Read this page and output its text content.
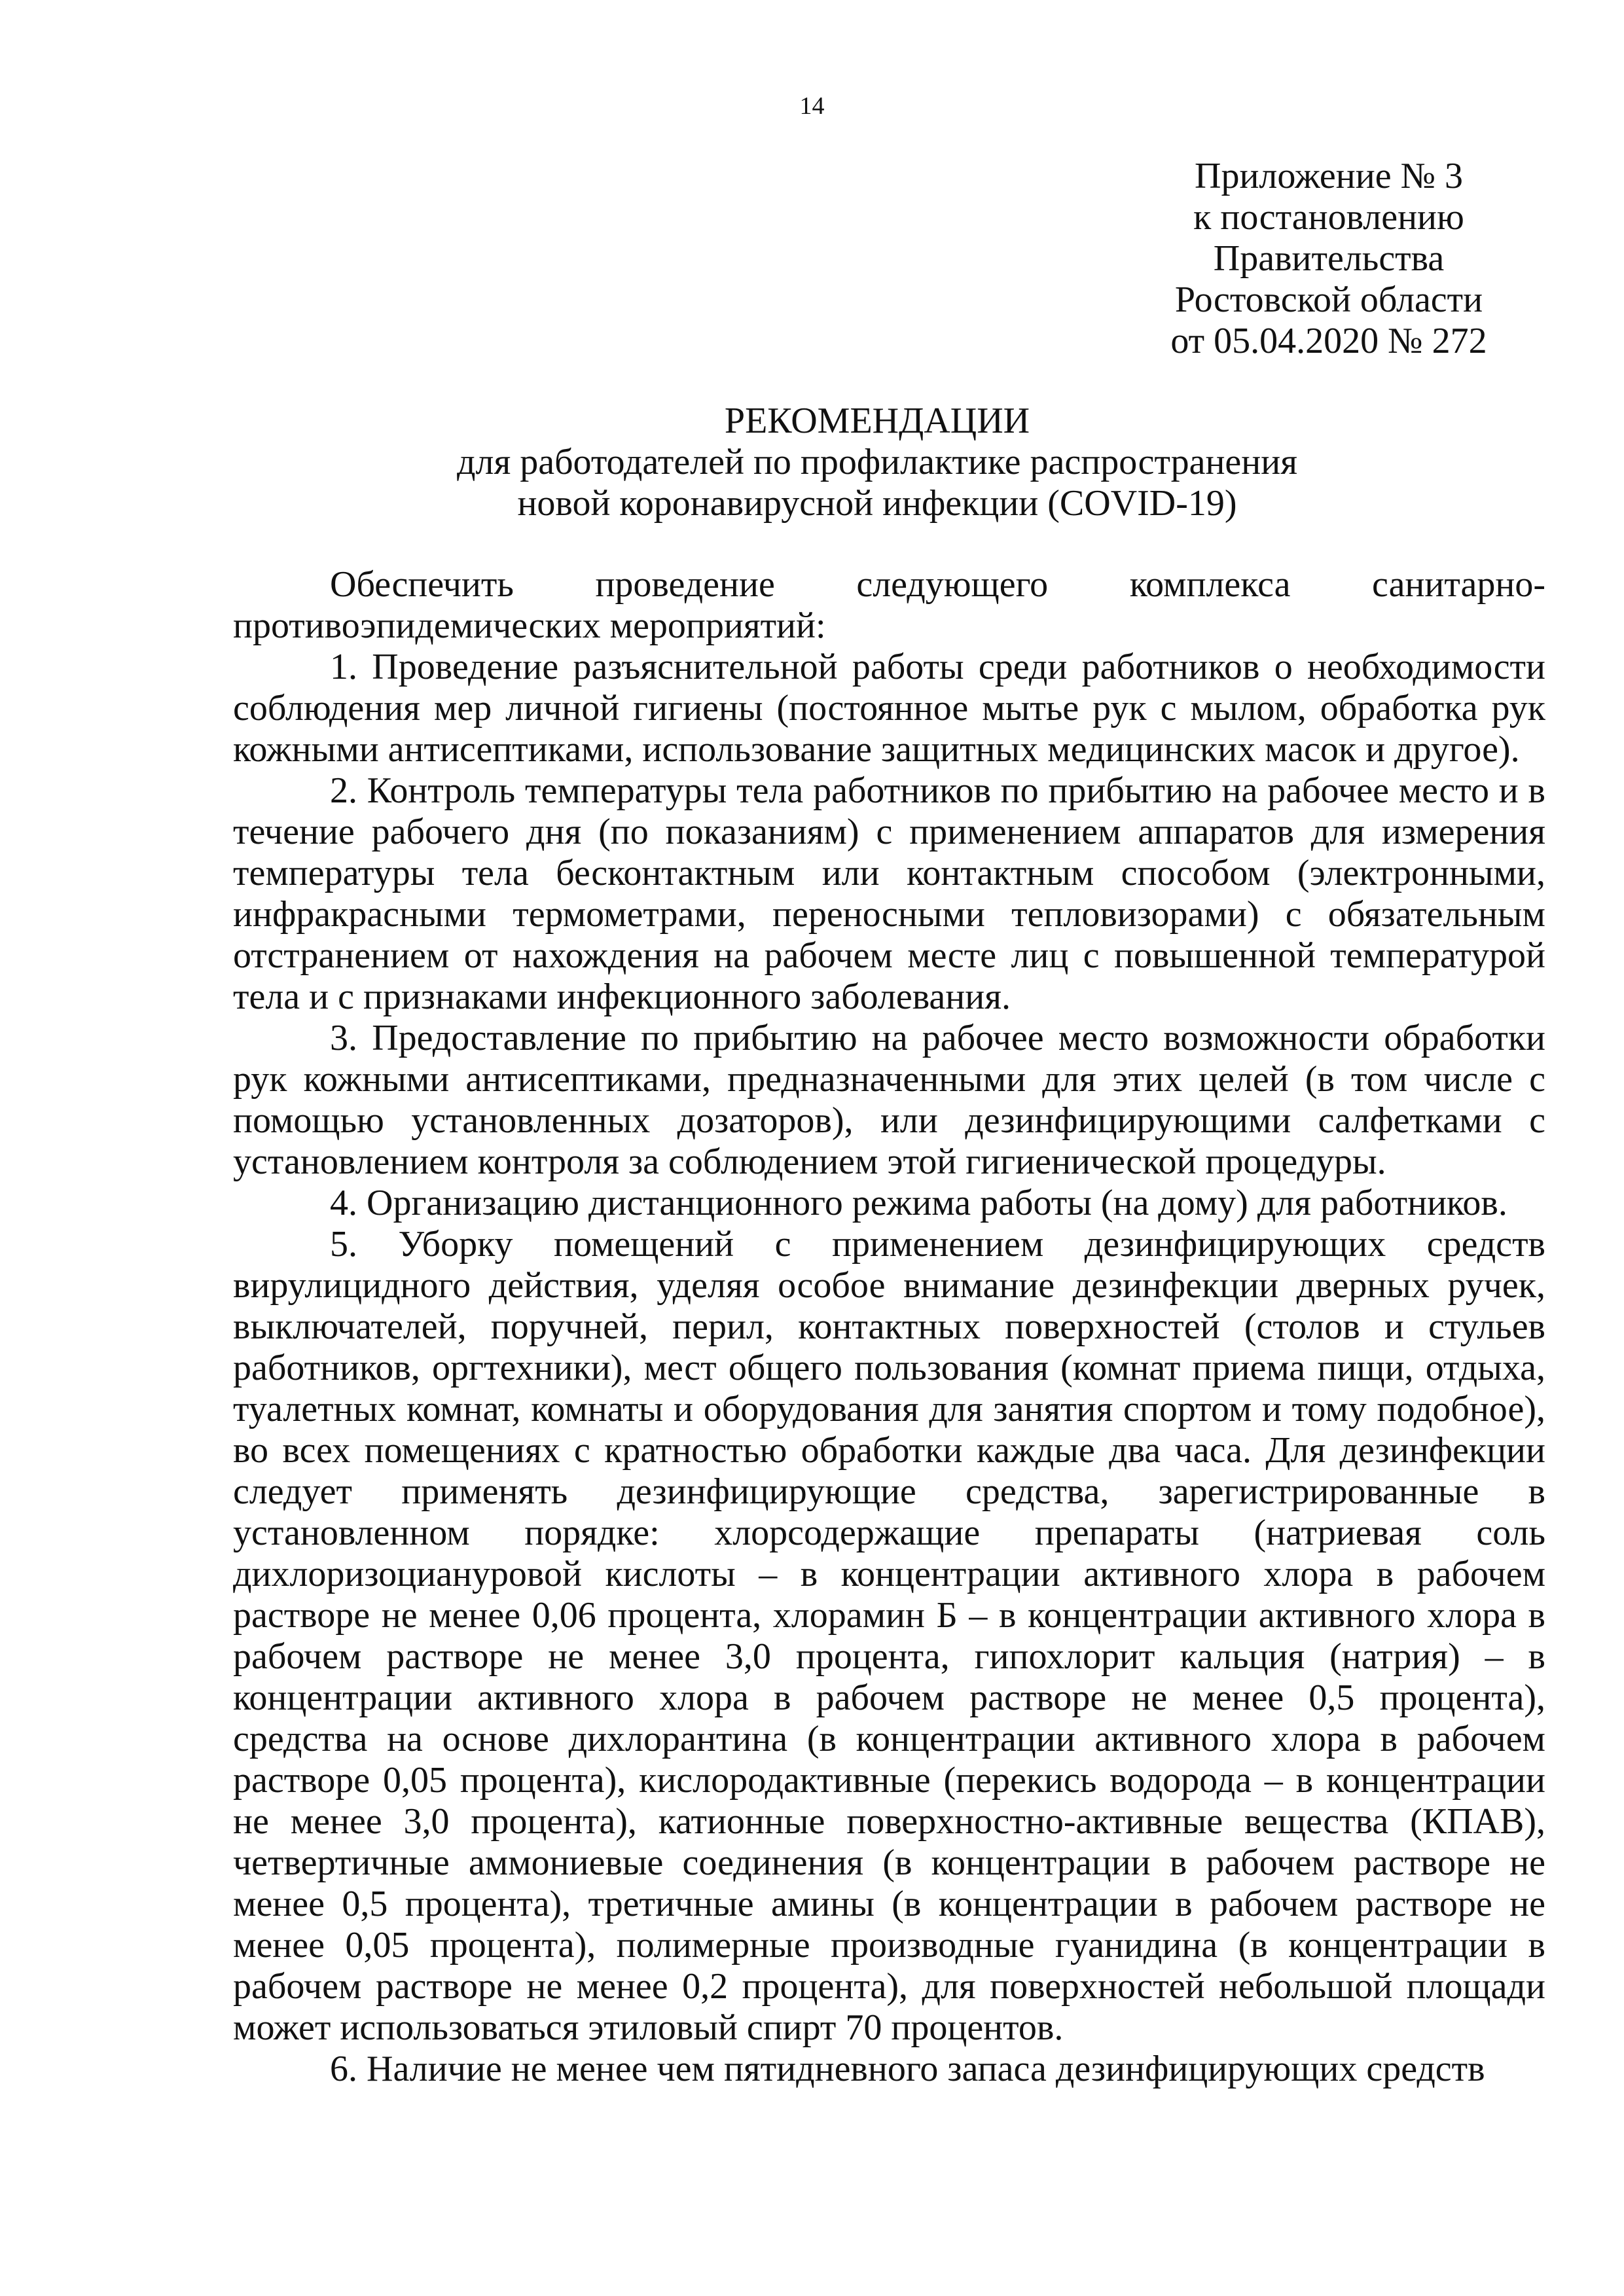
14
Приложение № 3
к постановлению
Правительства
Ростовской области
от 05.04.2020 № 272
РЕКОМЕНДАЦИИ
для работодателей по профилактике распространения
новой коронавирусной инфекции (COVID-19)
Обеспечить проведение следующего комплекса санитарно-
противоэпидемических мероприятий:

1. Проведение разъяснительной работы среди работников о необходимости соблюдения мер личной гигиены (постоянное мытье рук с мылом, обработка рук кожными антисептиками, использование защитных медицинских масок и другое).

2. Контроль температуры тела работников по прибытию на рабочее место и в течение рабочего дня (по показаниям) с применением аппаратов для измерения температуры тела бесконтактным или контактным способом (электронными, инфракрасными термометрами, переносными тепловизорами) с обязательным отстранением от нахождения на рабочем месте лиц с повышенной температурой тела и с признаками инфекционного заболевания.

3. Предоставление по прибытию на рабочее место возможности обработки рук кожными антисептиками, предназначенными для этих целей (в том числе с помощью установленных дозаторов), или дезинфицирующими салфетками с установлением контроля за соблюдением этой гигиенической процедуры.

4. Организацию дистанционного режима работы (на дому) для работников.

5. Уборку помещений с применением дезинфицирующих средств вирулицидного действия, уделяя особое внимание дезинфекции дверных ручек, выключателей, поручней, перил, контактных поверхностей (столов и стульев работников, оргтехники), мест общего пользования (комнат приема пищи, отдыха, туалетных комнат, комнаты и оборудования для занятия спортом и тому подобное), во всех помещениях с кратностью обработки каждые два часа. Для дезинфекции следует применять дезинфицирующие средства, зарегистрированные в установленном порядке: хлорсодержащие препараты (натриевая соль дихлоризоциануровой кислоты – в концентрации активного хлора в рабочем растворе не менее 0,06 процента, хлорамин Б – в концентрации активного хлора в рабочем растворе не менее 3,0 процента, гипохлорит кальция (натрия) – в концентрации активного хлора в рабочем растворе не менее 0,5 процента), средства на основе дихлорантина (в концентрации активного хлора в рабочем растворе 0,05 процента), кислородактивные (перекись водорода – в концентрации не менее 3,0 процента), катионные поверхностно-активные вещества (КПАВ), четвертичные аммониевые соединения (в концентрации в рабочем растворе не менее 0,5 процента), третичные амины (в концентрации в рабочем растворе не менее 0,05 процента), полимерные производные гуанидина (в концентрации в рабочем растворе не менее 0,2 процента), для поверхностей небольшой площади может использоваться этиловый спирт 70 процентов.

6. Наличие не менее чем пятидневного запаса дезинфицирующих средств
